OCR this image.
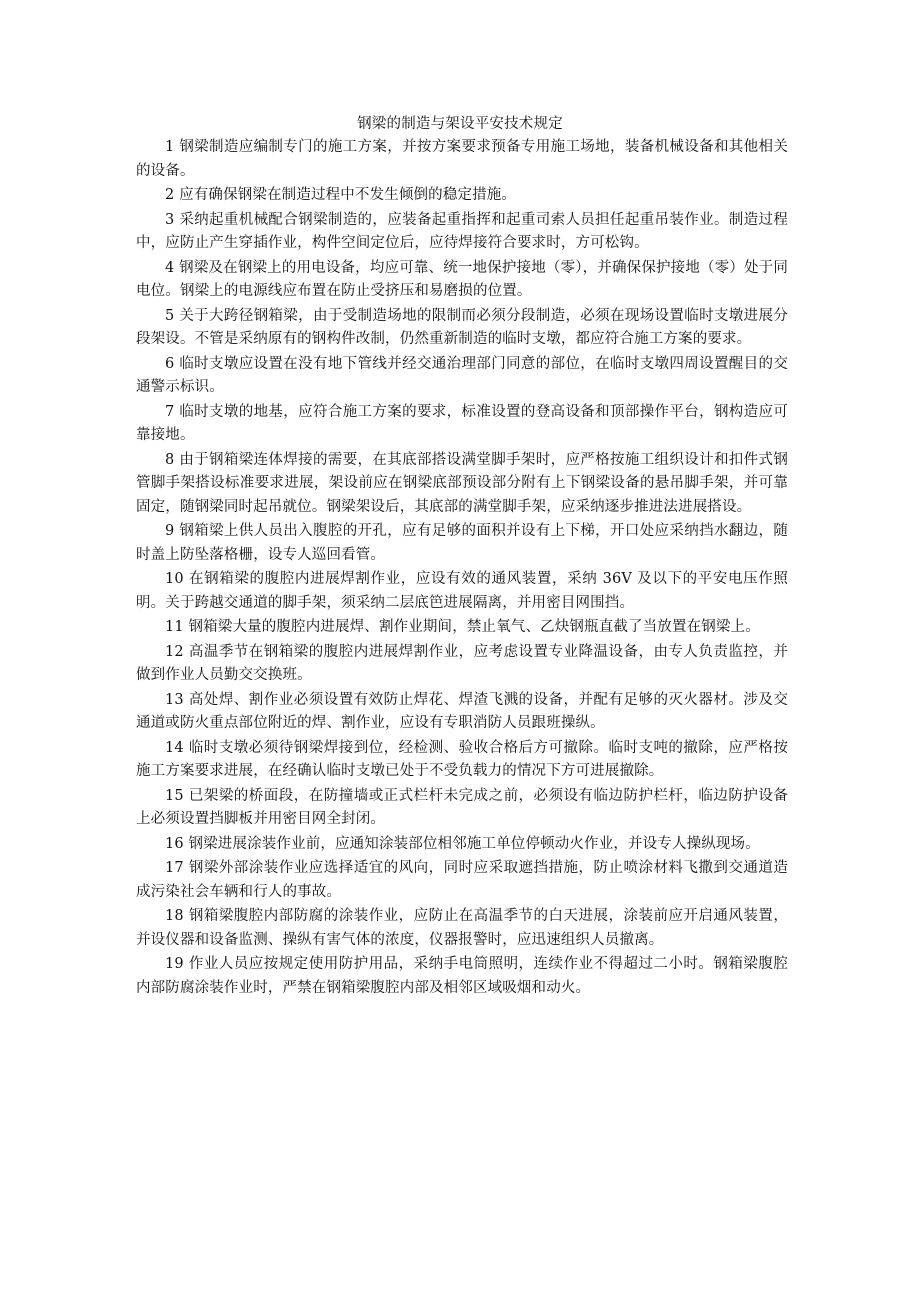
钢梁的制造与架设平安技术规定

1 钢梁制造应编制专门的施工方案，并按方案要求预备专用施工场地，装备机械设备和其他相关的设备。

2 应有确保钢梁在制造过程中不发生倾倒的稳定措施。

3 采纳起重机械配合钢梁制造的，应装备起重指挥和起重司索人员担任起重吊装作业。制造过程中，应防止产生穿插作业，构件空间定位后，应待焊接符合要求时，方可松钩。

4 钢梁及在钢梁上的用电设备，均应可靠、统一地保护接地（零），并确保保护接地（零）处于同电位。钢梁上的电源线应布置在防止受挤压和易磨损的位置。

5 关于大跨径钢箱梁，由于受制造场地的限制而必须分段制造，必须在现场设置临时支墩进展分段架设。不管是采纳原有的钢构件改制，仍然重新制造的临时支墩，都应符合施工方案的要求。

6 临时支墩应设置在没有地下管线并经交通治理部门同意的部位，在临时支墩四周设置醒目的交通警示标识。

7 临时支墩的地基，应符合施工方案的要求，标准设置的登高设备和顶部操作平台，钢构造应可靠接地。

8 由于钢箱梁连体焊接的需要，在其底部搭设满堂脚手架时，应严格按施工组织设计和扣件式钢管脚手架搭设标准要求进展，架设前应在钢梁底部预设部分附有上下钢梁设备的悬吊脚手架，并可靠固定，随钢梁同时起吊就位。钢梁架设后，其底部的满堂脚手架，应采纳逐步推进法进展搭设。

9 钢箱梁上供人员出入腹腔的开孔，应有足够的面积并设有上下梯，开口处应采纳挡水翻边，随时盖上防坠落格栅，设专人巡回看管。

10 在钢箱梁的腹腔内进展焊割作业，应设有效的通风装置，采纳 36V 及以下的平安电压作照明。关于跨越交通道的脚手架，须采纳二层底笆进展隔离，并用密目网围挡。

11 钢箱梁大量的腹腔内进展焊、割作业期间，禁止氧气、乙炔钢瓶直截了当放置在钢梁上。

12 高温季节在钢箱梁的腹腔内进展焊割作业，应考虑设置专业降温设备，由专人负责监控，并做到作业人员勤交交换班。

13 高处焊、割作业必须设置有效防止焊花、焊渣飞溅的设备，并配有足够的灭火器材。涉及交通道或防火重点部位附近的焊、割作业，应设有专职消防人员跟班操纵。

14 临时支墩必须待钢梁焊接到位，经检测、验收合格后方可撤除。临时支吨的撤除，应严格按施工方案要求进展，在经确认临时支墩已处于不受负载力的情况下方可进展撤除。

15 已架梁的桥面段，在防撞墙或正式栏杆未完成之前，必须设有临边防护栏杆，临边防护设备上必须设置挡脚板并用密目网全封闭。

16 钢梁进展涂装作业前，应通知涂装部位相邻施工单位停顿动火作业，并设专人操纵现场。

17 钢梁外部涂装作业应选择适宜的风向，同时应采取遮挡措施，防止喷涂材料飞撒到交通道造成污染社会车辆和行人的事故。

18 钢箱梁腹腔内部防腐的涂装作业，应防止在高温季节的白天进展，涂装前应开启通风装置，并设仪器和设备监测、操纵有害气体的浓度，仪器报警时，应迅速组织人员撤离。

19 作业人员应按规定使用防护用品，采纳手电筒照明，连续作业不得超过二小时。钢箱梁腹腔内部防腐涂装作业时，严禁在钢箱梁腹腔内部及相邻区域吸烟和动火。
